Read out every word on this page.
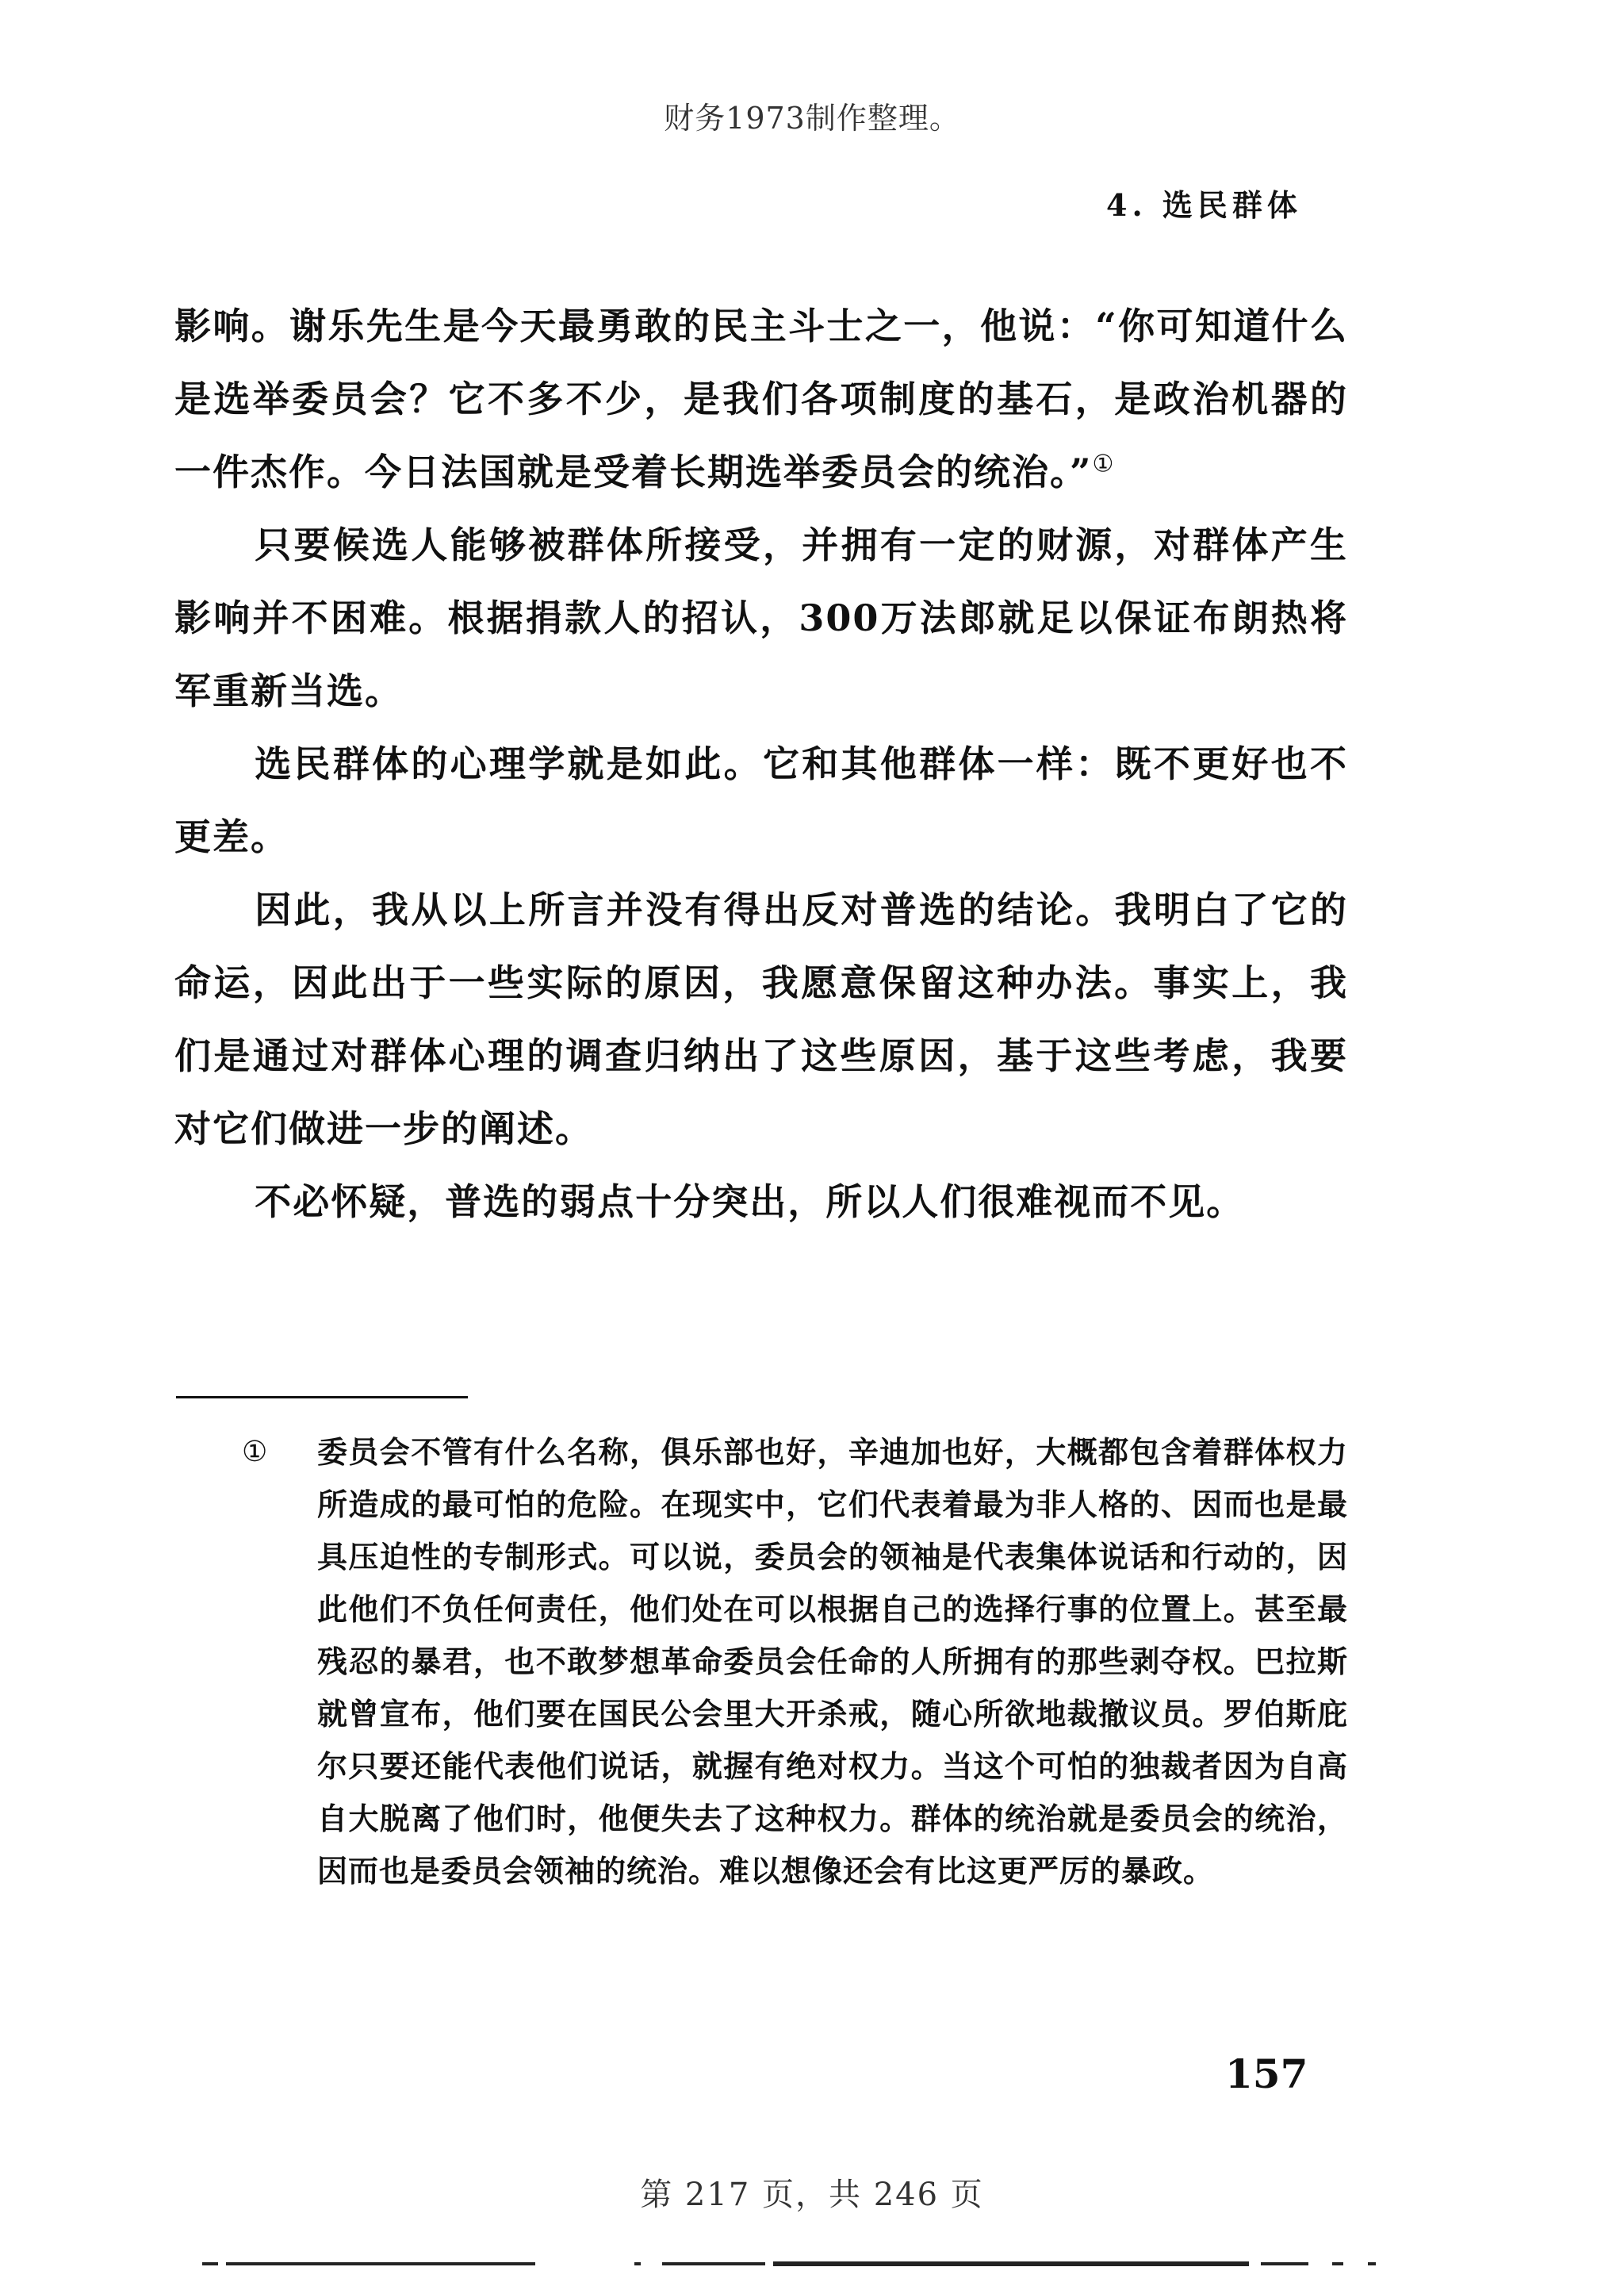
财务1973制作整理。
4. 选民群体

影响。谢乐先生是今天最勇敢的民主斗士之一，他说：“你可知道什么是选举委员会？它不多不少，是我们各项制度的基石，是政治机器的一件杰作。今日法国就是受着长期选举委员会的统治。”①

只要候选人能够被群体所接受，并拥有一定的财源，对群体产生影响并不困难。根据捐款人的招认，300万法郎就足以保证布朗热将军重新当选。

选民群体的心理学就是如此。它和其他群体一样：既不更好也不更差。

因此，我从以上所言并没有得出反对普选的结论。我明白了它的命运，因此出于一些实际的原因，我愿意保留这种办法。事实上，我们是通过对群体心理的调查归纳出了这些原因，基于这些考虑，我要对它们做进一步的阐述。

不必怀疑，普选的弱点十分突出，所以人们很难视而不见。

① 委员会不管有什么名称，俱乐部也好，辛迪加也好，大概都包含着群体权力所造成的最可怕的危险。在现实中，它们代表着最为非人格的、因而也是最具压迫性的专制形式。可以说，委员会的领袖是代表集体说话和行动的，因此他们不负任何责任，他们处在可以根据自己的选择行事的位置上。甚至最残忍的暴君，也不敢梦想革命委员会任命的人所拥有的那些剥夺权。巴拉斯就曾宣布，他们要在国民公会里大开杀戒，随心所欲地裁撤议员。罗伯斯庇尔只要还能代表他们说话，就握有绝对权力。当这个可怕的独裁者因为自高自大脱离了他们时，他便失去了这种权力。群体的统治就是委员会的统治，因而也是委员会领袖的统治。难以想像还会有比这更严厉的暴政。

157
第 217 页，共 246 页
